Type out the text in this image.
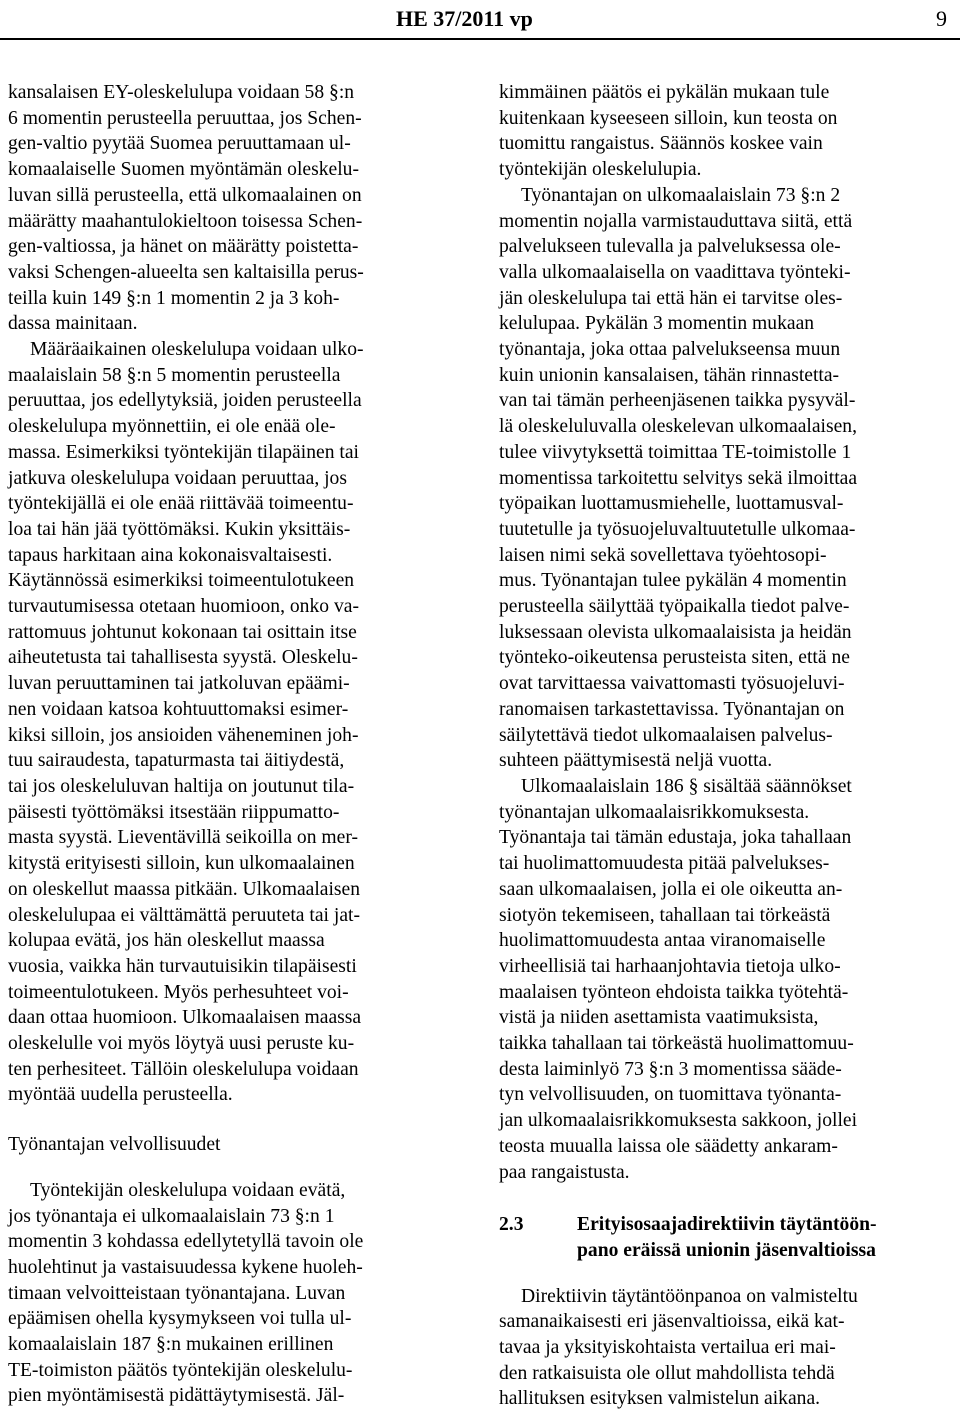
HE 37/2011 vp	9

kansalaisen EY-oleskelulupa voidaan 58 §:n
6 momentin perusteella peruuttaa, jos Schen-
gen-valtio pyytää Suomea peruuttamaan ul-
komaalaiselle Suomen myöntämän oleskelu-
luvan sillä perusteella, että ulkomaalainen on
määrätty maahantulokieltoon toisessa Schen-
gen-valtiossa, ja hänet on määrätty poistetta-
vaksi Schengen-alueelta sen kaltaisilla perus-
teilla kuin 149 §:n 1 momentin 2 ja 3 koh-
dassa mainitaan.

Määräaikainen oleskelulupa voidaan ulko-
maalaislain 58 §:n 5 momentin perusteella
peruuttaa, jos edellytyksiä, joiden perusteella
oleskelulupa myönnettiin, ei ole enää ole-
massa. Esimerkiksi työntekijän tilapäinen tai
jatkuva oleskelulupa voidaan peruuttaa, jos
työntekijällä ei ole enää riittävää toimeentu-
loa tai hän jää työttömäksi. Kukin yksittäis-
tapaus harkitaan aina kokonaisvaltaisesti.
Käytännössä esimerkiksi toimeentulotukeen
turvautumisessa otetaan huomioon, onko va-
rattomuus johtunut kokonaan tai osittain itse
aiheutetusta tai tahallisesta syystä. Oleskelu-
luvan peruuttaminen tai jatkoluvan epäämi-
nen voidaan katsoa kohtuuttomaksi esimer-
kiksi silloin, jos ansioiden väheneminen joh-
tuu sairaudesta, tapaturmasta tai äitiydestä,
tai jos oleskeluluvan haltija on joutunut tila-
päisesti työttömäksi itsestään riippumatto-
masta syystä. Lieventävillä seikoilla on mer-
kitystä erityisesti silloin, kun ulkomaalainen
on oleskellut maassa pitkään. Ulkomaalaisen
oleskelulupaa ei välttämättä peruuteta tai jat-
kolupaa evätä, jos hän oleskellut maassa
vuosia, vaikka hän turvautuisikin tilapäisesti
toimeentulotukeen. Myös perhesuhteet voi-
daan ottaa huomioon. Ulkomaalaisen maassa
oleskelulle voi myös löytyä uusi peruste ku-
ten perhesiteet. Tällöin oleskelulupa voidaan
myöntää uudella perusteella.

Työnantajan velvollisuudet

Työntekijän oleskelulupa voidaan evätä,
jos työnantaja ei ulkomaalaislain 73 §:n 1
momentin 3 kohdassa edellytetyllä tavoin ole
huolehtinut ja vastaisuudessa kykene huoleh-
timaan velvoitteistaan työnantajana. Luvan
epäämisen ohella kysymykseen voi tulla ul-
komaalaislain 187 §:n mukainen erillinen
TE-toimiston päätös työntekijän oleskelulu-
pien myöntämisestä pidättäytymisestä. Jäl-

kimmäinen päätös ei pykälän mukaan tule
kuitenkaan kyseeseen silloin, kun teosta on
tuomittu rangaistus. Säännös koskee vain
työntekijän oleskelulupia.

Työnantajan on ulkomaalaislain 73 §:n 2
momentin nojalla varmistauduttava siitä, että
palvelukseen tulevalla ja palveluksessa ole-
valla ulkomaalaisella on vaadittava työnteki-
jän oleskelulupa tai että hän ei tarvitse oles-
kelulupaa. Pykälän 3 momentin mukaan
työnantaja, joka ottaa palvelukseensa muun
kuin unionin kansalaisen, tähän rinnastetta-
van tai tämän perheenjäsenen taikka pysyväl-
lä oleskeluluvalla oleskelevan ulkomaalaisen,
tulee viivytyksettä toimittaa TE-toimistolle 1
momentissa tarkoitettu selvitys sekä ilmoittaa
työpaikan luottamusmiehelle, luottamusval-
tuutetulle ja työsuojeluvaltuutetulle ulkomaa-
laisen nimi sekä sovellettava työehtosopi-
mus. Työnantajan tulee pykälän 4 momentin
perusteella säilyttää työpaikalla tiedot palve-
luksessaan olevista ulkomaalaisista ja heidän
työnteko-oikeutensa perusteista siten, että ne
ovat tarvittaessa vaivattomasti työsuojeluvi-
ranomaisen tarkastettavissa. Työnantajan on
säilytettävä tiedot ulkomaalaisen palvelus-
suhteen päättymisestä neljä vuotta.

Ulkomaalaislain 186 § sisältää säännökset
työnantajan ulkomaalaisrikkomuksesta.
Työnantaja tai tämän edustaja, joka tahallaan
tai huolimattomuudesta pitää palvelukses-
saan ulkomaalaisen, jolla ei ole oikeutta an-
siotyön tekemiseen, tahallaan tai törkeästä
huolimattomuudesta antaa viranomaiselle
virheellisiä tai harhaanjohtavia tietoja ulko-
maalaisen työnteon ehdoista taikka työtehtä-
vistä ja niiden asettamista vaatimuksista,
taikka tahallaan tai törkeästä huolimattomuu-
desta laiminlyö 73 §:n 3 momentissa sääde-
tyn velvollisuuden, on tuomittava työnanta-
jan ulkomaalaisrikkomuksesta sakkoon, jollei
teosta muualla laissa ole säädetty ankaram-
paa rangaistusta.

2.3	Erityisosaajadirektiivin täytäntöön-
pano eräissä unionin jäsenvaltioissa

Direktiivin täytäntöönpanoa on valmisteltu
samanaikaisesti eri jäsenvaltioissa, eikä kat-
tavaa ja yksityiskohtaista vertailua eri mai-
den ratkaisuista ole ollut mahdollista tehdä
hallituksen esityksen valmistelun aikana.
